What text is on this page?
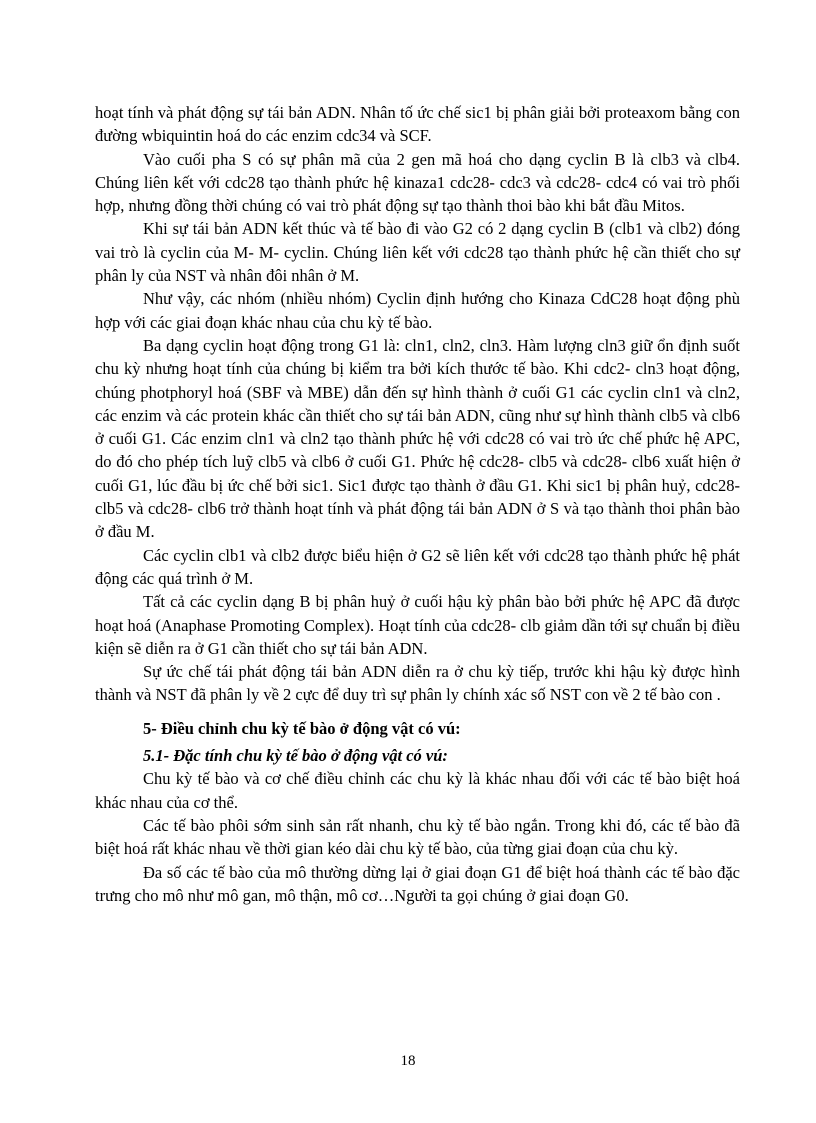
hoạt tính và phát động sự tái bản ADN. Nhân tố ức chế sic1 bị phân giải bởi proteaxom bằng con đường wbiquintin hoá do các enzim cdc34 và SCF.

Vào cuối pha S có sự phân mã của 2 gen mã hoá cho dạng cyclin B là clb3 và clb4. Chúng liên kết với cdc28 tạo thành phức hệ kinaza1 cdc28- cdc3 và cdc28- cdc4 có vai trò phối hợp, nhưng đồng thời chúng có vai trò phát động sự tạo thành thoi bào khi bắt đầu Mitos.

Khi sự tái bản ADN kết thúc và tế bào đi vào G2 có 2 dạng cyclin B (clb1 và clb2) đóng vai trò là cyclin của M- M- cyclin. Chúng liên kết với cdc28 tạo thành phức hệ cần thiết cho sự phân ly của NST và nhân đôi nhân ở M.

Như vậy, các nhóm (nhiều nhóm) Cyclin định hướng cho Kinaza CdC28 hoạt động phù hợp với các giai đoạn khác nhau của chu kỳ tế bào.

Ba dạng cyclin hoạt động trong G1 là: cln1, cln2, cln3. Hàm lượng cln3 giữ ổn định suốt chu kỳ nhưng hoạt tính của chúng bị kiểm tra bởi kích thước tế bào. Khi cdc2- cln3 hoạt động, chúng photphoryl hoá (SBF và MBE) dẫn đến sự hình thành ở cuối G1 các cyclin cln1 và cln2, các enzim và các protein khác cần thiết cho sự tái bản ADN, cũng như sự hình thành clb5 và clb6 ở cuối G1. Các enzim cln1 và cln2 tạo thành phức hệ với cdc28 có vai trò ức chế phức hệ APC, do đó cho phép tích luỹ clb5 và clb6 ở cuối G1. Phức hệ cdc28- clb5 và cdc28- clb6 xuất hiện ở cuối G1, lúc đầu bị ức chế bởi sic1. Sic1 được tạo thành ở đầu G1. Khi sic1 bị phân huỷ, cdc28- clb5 và cdc28- clb6 trở thành hoạt tính và phát động tái bản ADN ở S và tạo thành thoi phân bào ở đầu M.

Các cyclin clb1 và clb2 được biểu hiện ở G2 sẽ liên kết với cdc28 tạo thành phức hệ phát động các quá trình ở M.

Tất cả các cyclin dạng B bị phân huỷ ở cuối hậu kỳ phân bào bởi phức hệ APC đã được hoạt hoá (Anaphase Promoting Complex). Hoạt tính của cdc28- clb giảm dần tới sự chuẩn bị điều kiện sẽ diễn ra ở G1 cần thiết cho sự tái bản ADN.

Sự ức chế tái phát động tái bản ADN diễn ra ở chu kỳ tiếp, trước khi hậu kỳ được hình thành và NST đã phân ly về 2 cực để duy trì sự phân ly chính xác số NST con về 2 tế bào con .

5- Điều chỉnh chu kỳ tế bào ở động vật có vú:
5.1- Đặc tính chu kỳ tế bào ở động vật có vú:

Chu kỳ tế bào và cơ chế điều chỉnh các chu kỳ là khác nhau đối với các tế bào biệt hoá khác nhau của cơ thể.

Các tế bào phôi sớm sinh sản rất nhanh, chu kỳ tế bào ngắn. Trong khi đó, các tế bào đã biệt hoá rất khác nhau về thời gian kéo dài chu kỳ tế bào, của từng giai đoạn của chu kỳ.

Đa số các tế bào của mô thường dừng lại ở giai đoạn G1 để biệt hoá thành các tế bào đặc trưng cho mô như mô gan, mô thận, mô cơ…Người ta gọi chúng ở giai đoạn G0.

18
